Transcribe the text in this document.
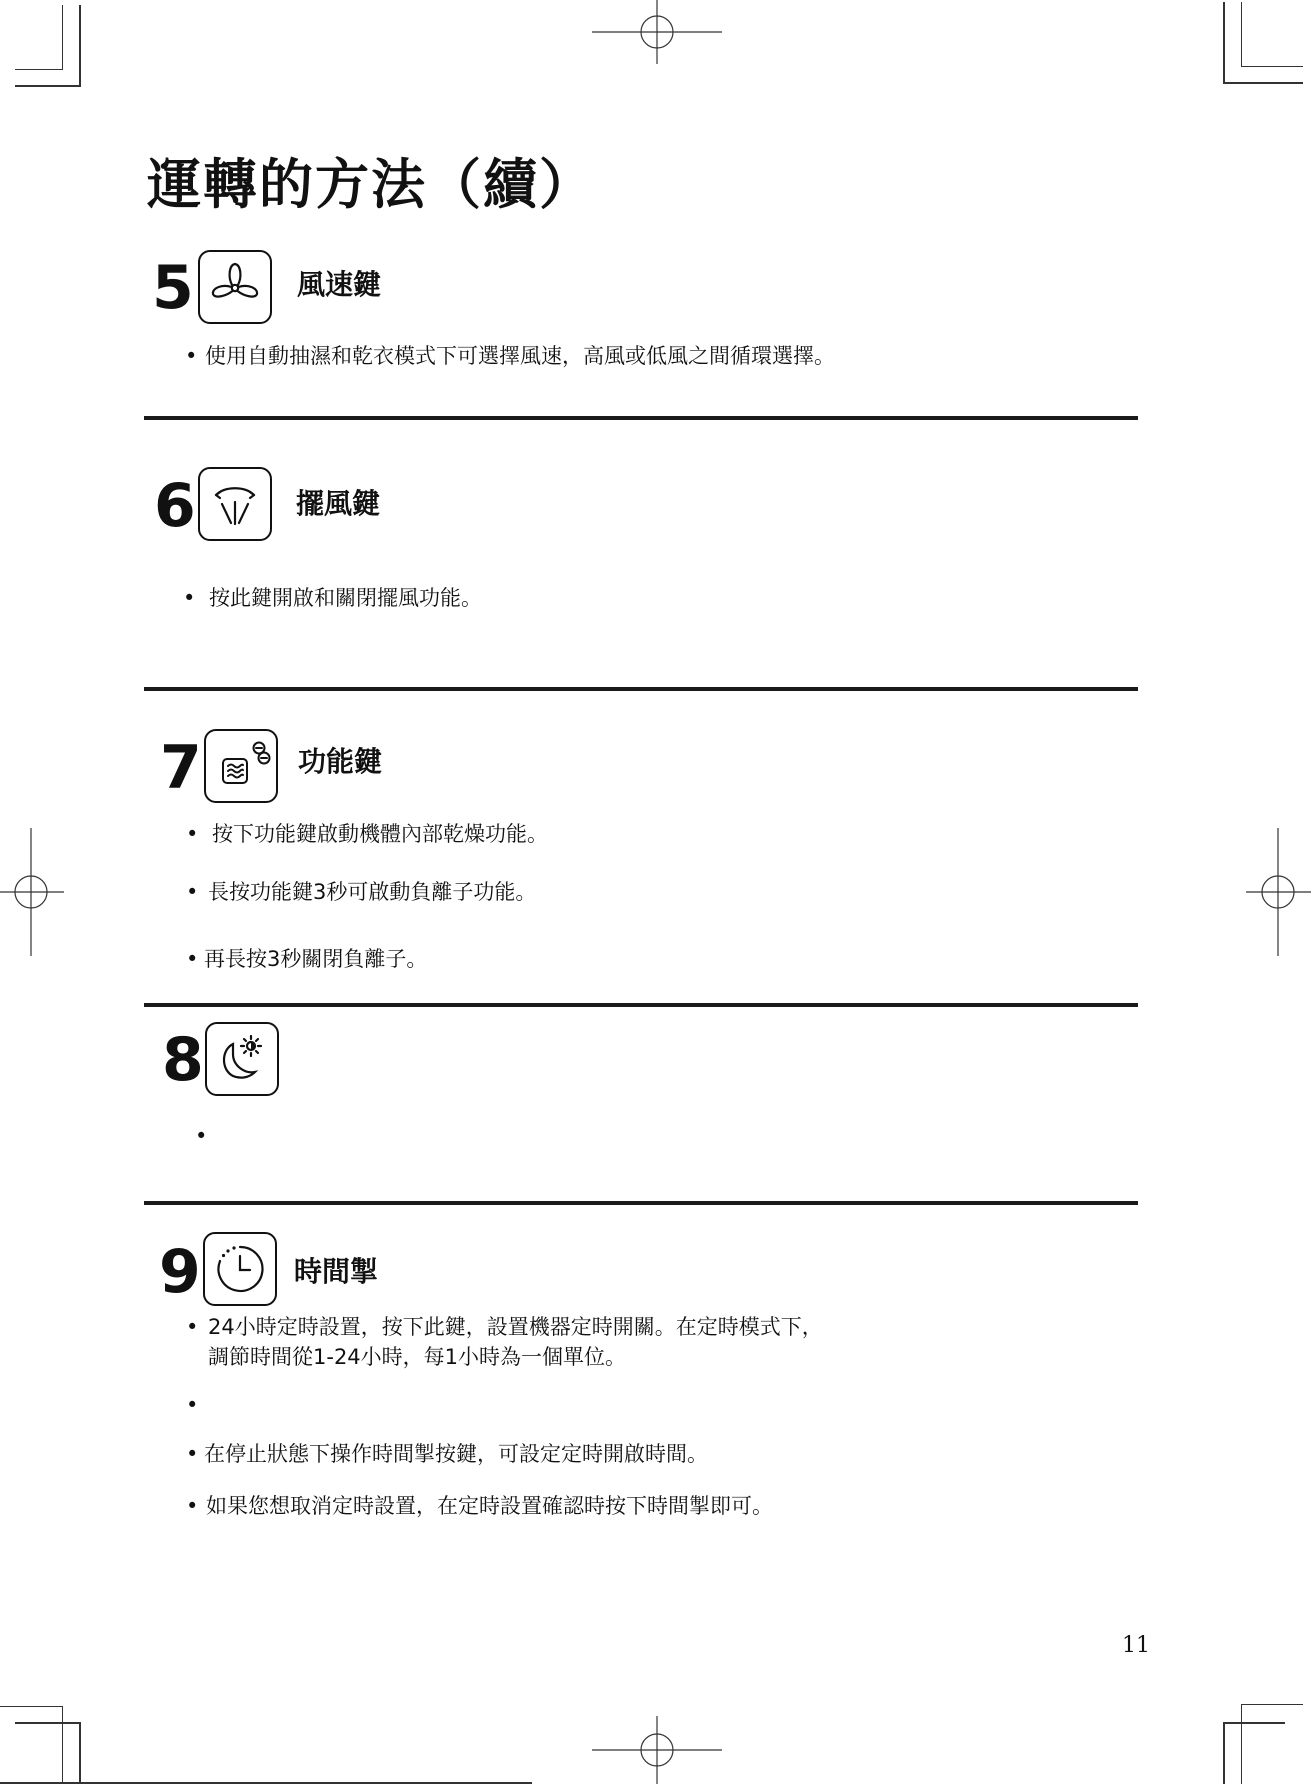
運轉的方法（續）
5	風速鍵
• 使用自動抽濕和乾衣模式下可選擇風速，高風或低風之間循環選擇。
6	擺風鍵
• 按此鍵開啟和關閉擺風功能。
7	功能鍵
• 按下功能鍵啟動機體內部乾燥功能。
• 長按功能鍵3秒可啟動負離子功能。
• 再長按3秒關閉負離子。
8
•
9	時間掣
• 24小時定時設置，按下此鍵，設置機器定時開關。在定時模式下，
調節時間從1-24小時，每1小時為一個單位。
•
• 在停止狀態下操作時間掣按鍵，可設定定時開啟時間。
• 如果您想取消定時設置，在定時設置確認時按下時間掣即可。
11
